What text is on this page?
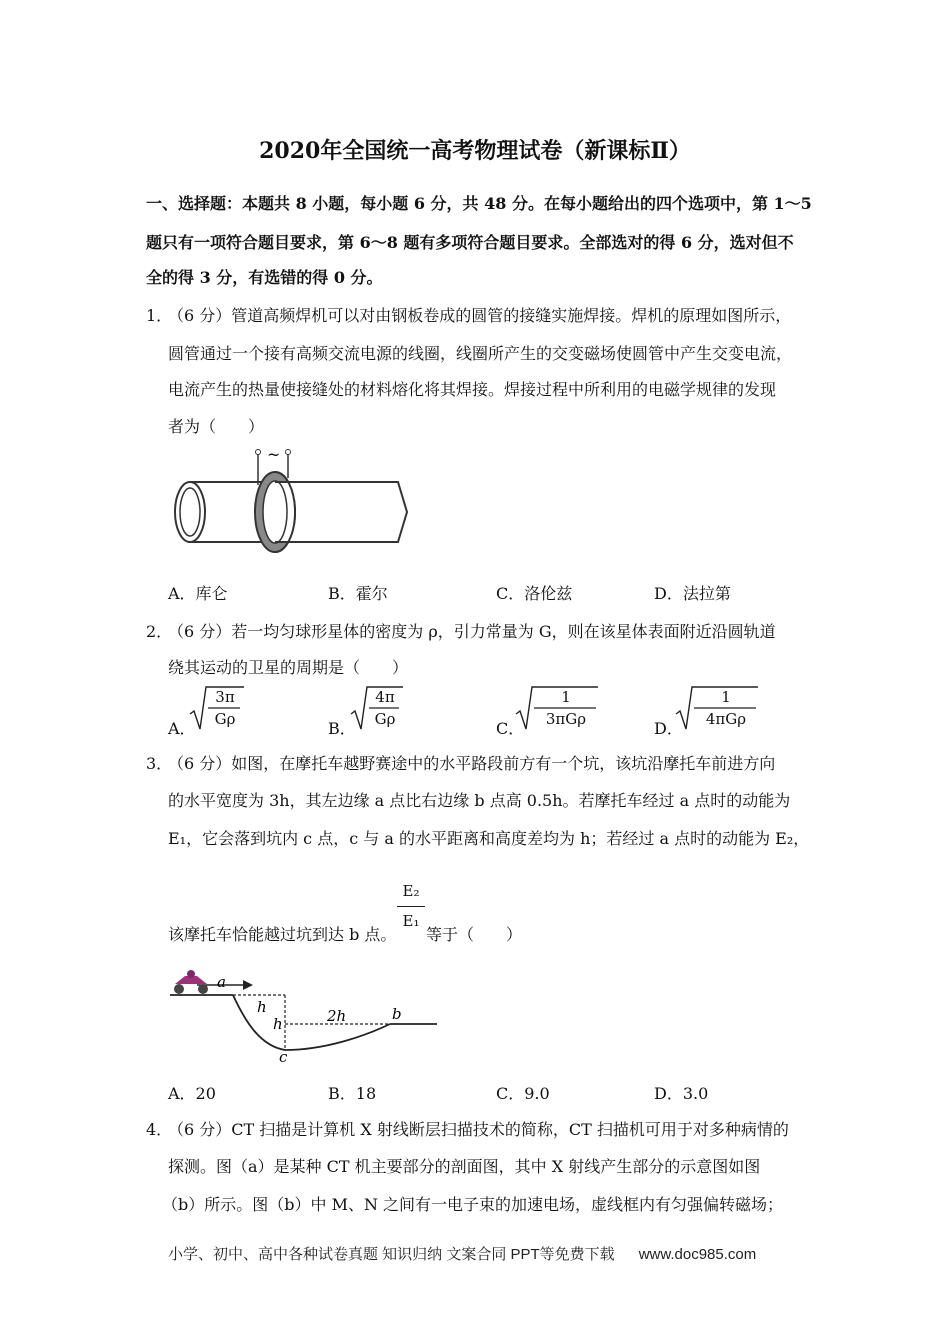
2020年全国统一高考物理试卷（新课标Ⅱ）
一、选择题：本题共 8 小题，每小题 6 分，共 48 分。在每小题给出的四个选项中，第 1～5
题只有一项符合题目要求，第 6～8 题有多项符合题目要求。全部选对的得 6 分，选对但不
全的得 3 分，有选错的得 0 分。
1．
（6 分）管道高频焊机可以对由钢板卷成的圆管的接缝实施焊接。焊机的原理如图所示，
圆管通过一个接有高频交流电源的线圈，线圈所产生的交变磁场使圆管中产生交变电流，
电流产生的热量使接缝处的材料熔化将其焊接。焊接过程中所利用的电磁学规律的发现
者为（　　）
~
A．库仑	B．霍尔	C．洛伦兹	D．法拉第
2．
（6 分）若一均匀球形星体的密度为 ρ，引力常量为 G，则在该星体表面附近沿圆轨道
绕其运动的卫星的周期是（　　）
A．
3π
Gρ	B．
4π
Gρ	C．
1
3πGρ	D．
1
4πGρ
3．
（6 分）如图，在摩托车越野赛途中的水平路段前方有一个坑，该坑沿摩托车前进方向
的水平宽度为 3h，其左边缘 a 点比右边缘 b 点高 0.5h。若摩托车经过 a 点时的动能为
E₁，它会落到坑内 c 点，c 与 a 的水平距离和高度差均为 h；若经过 a 点时的动能为 E₂，
该摩托车恰能越过坑到达 b 点。
E₂
E₁
等于（　　）
a
h
h	2h	b
c
A．20	B．18	C．9.0	D．3.0
4．
（6 分）CT 扫描是计算机 X 射线断层扫描技术的简称，CT 扫描机可用于对多种病情的
探测。图（a）是某种 CT 机主要部分的剖面图，其中 X 射线产生部分的示意图如图
（b）所示。图（b）中 M、N 之间有一电子束的加速电场，虚线框内有匀强偏转磁场；
小学、初中、高中各种试卷真题 知识归纳 文案合同 PPT等免费下载 www.doc985.com
